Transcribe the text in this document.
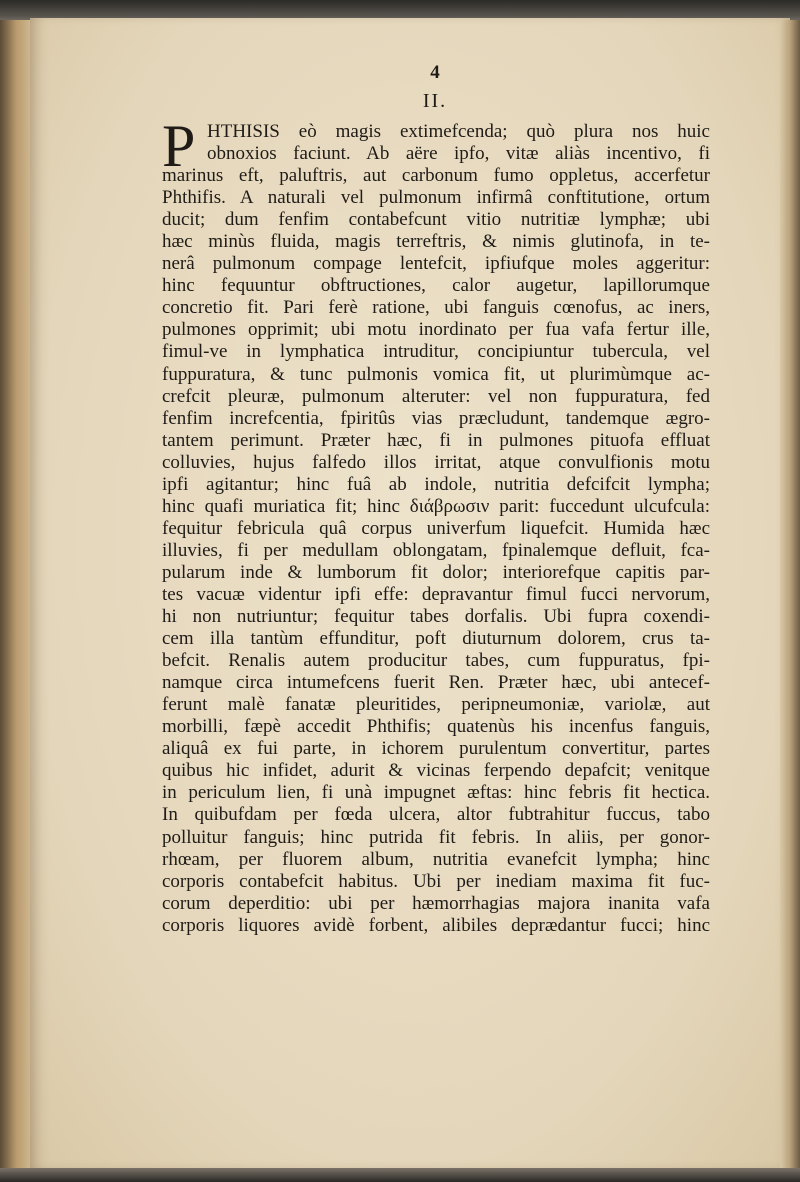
4
II.
P HTHISIS eò magis extimefcenda; quò plura nos huic
obnoxios faciunt. Ab aëre ipfo, vitæ aliàs incentivo, fi
marinus eft, paluftris, aut carbonum fumo oppletus, accerfetur
Phthifis. A naturali vel pulmonum infirmâ conftitutione, ortum
ducit; dum fenfim contabefcunt vitio nutritiæ lymphæ; ubi
hæc minùs fluida, magis terreftris, & nimis glutinofa, in te-
nerâ pulmonum compage lentefcit, ipfiufque moles aggeritur:
hinc fequuntur obftructiones, calor augetur, lapillorumque
concretio fit. Pari ferè ratione, ubi fanguis cœnofus, ac iners,
pulmones opprimit; ubi motu inordinato per fua vafa fertur ille,
fimul-ve in lymphatica intruditur, concipiuntur tubercula, vel
fuppuratura, & tunc pulmonis vomica fit, ut plurimùmque ac-
crefcit pleuræ, pulmonum alteruter: vel non fuppuratura, fed
fenfim increfcentia, fpiritûs vias præcludunt, tandemque ægro-
tantem perimunt. Præter hæc, fi in pulmones pituofa effluat
colluvies, hujus falfedo illos irritat, atque convulfionis motu
ipfi agitantur; hinc fuâ ab indole, nutritia defcifcit lympha;
hinc quafi muriatica fit; hinc διάβρωσιν parit: fuccedunt ulcufcula:
fequitur febricula quâ corpus univerfum liquefcit. Humida hæc
illuvies, fi per medullam oblongatam, fpinalemque defluit, fca-
pularum inde & lumborum fit dolor; interiorefque capitis par-
tes vacuæ videntur ipfi effe: depravantur fimul fucci nervorum,
hi non nutriuntur; fequitur tabes dorfalis. Ubi fupra coxendi-
cem illa tantùm effunditur, poft diuturnum dolorem, crus ta-
befcit. Renalis autem producitur tabes, cum fuppuratus, fpi-
namque circa intumefcens fuerit Ren. Præter hæc, ubi antecef-
ferunt malè fanatæ pleuritides, peripneumoniæ, variolæ, aut
morbilli, fæpè accedit Phthifis; quatenùs his incenfus fanguis,
aliquâ ex fui parte, in ichorem purulentum convertitur, partes
quibus hic infidet, adurit & vicinas ferpendo depafcit; venitque
in periculum lien, fi unà impugnet æftas: hinc febris fit hectica.
In quibufdam per fœda ulcera, altor fubtrahitur fuccus, tabo
polluitur fanguis; hinc putrida fit febris. In aliis, per gonor-
rhœam, per fluorem album, nutritia evanefcit lympha; hinc
corporis contabefcit habitus. Ubi per inediam maxima fit fuc-
corum deperditio: ubi per hæmorrhagias majora inanita vafa
corporis liquores avidè forbent, alibiles deprædantur fucci; hinc
